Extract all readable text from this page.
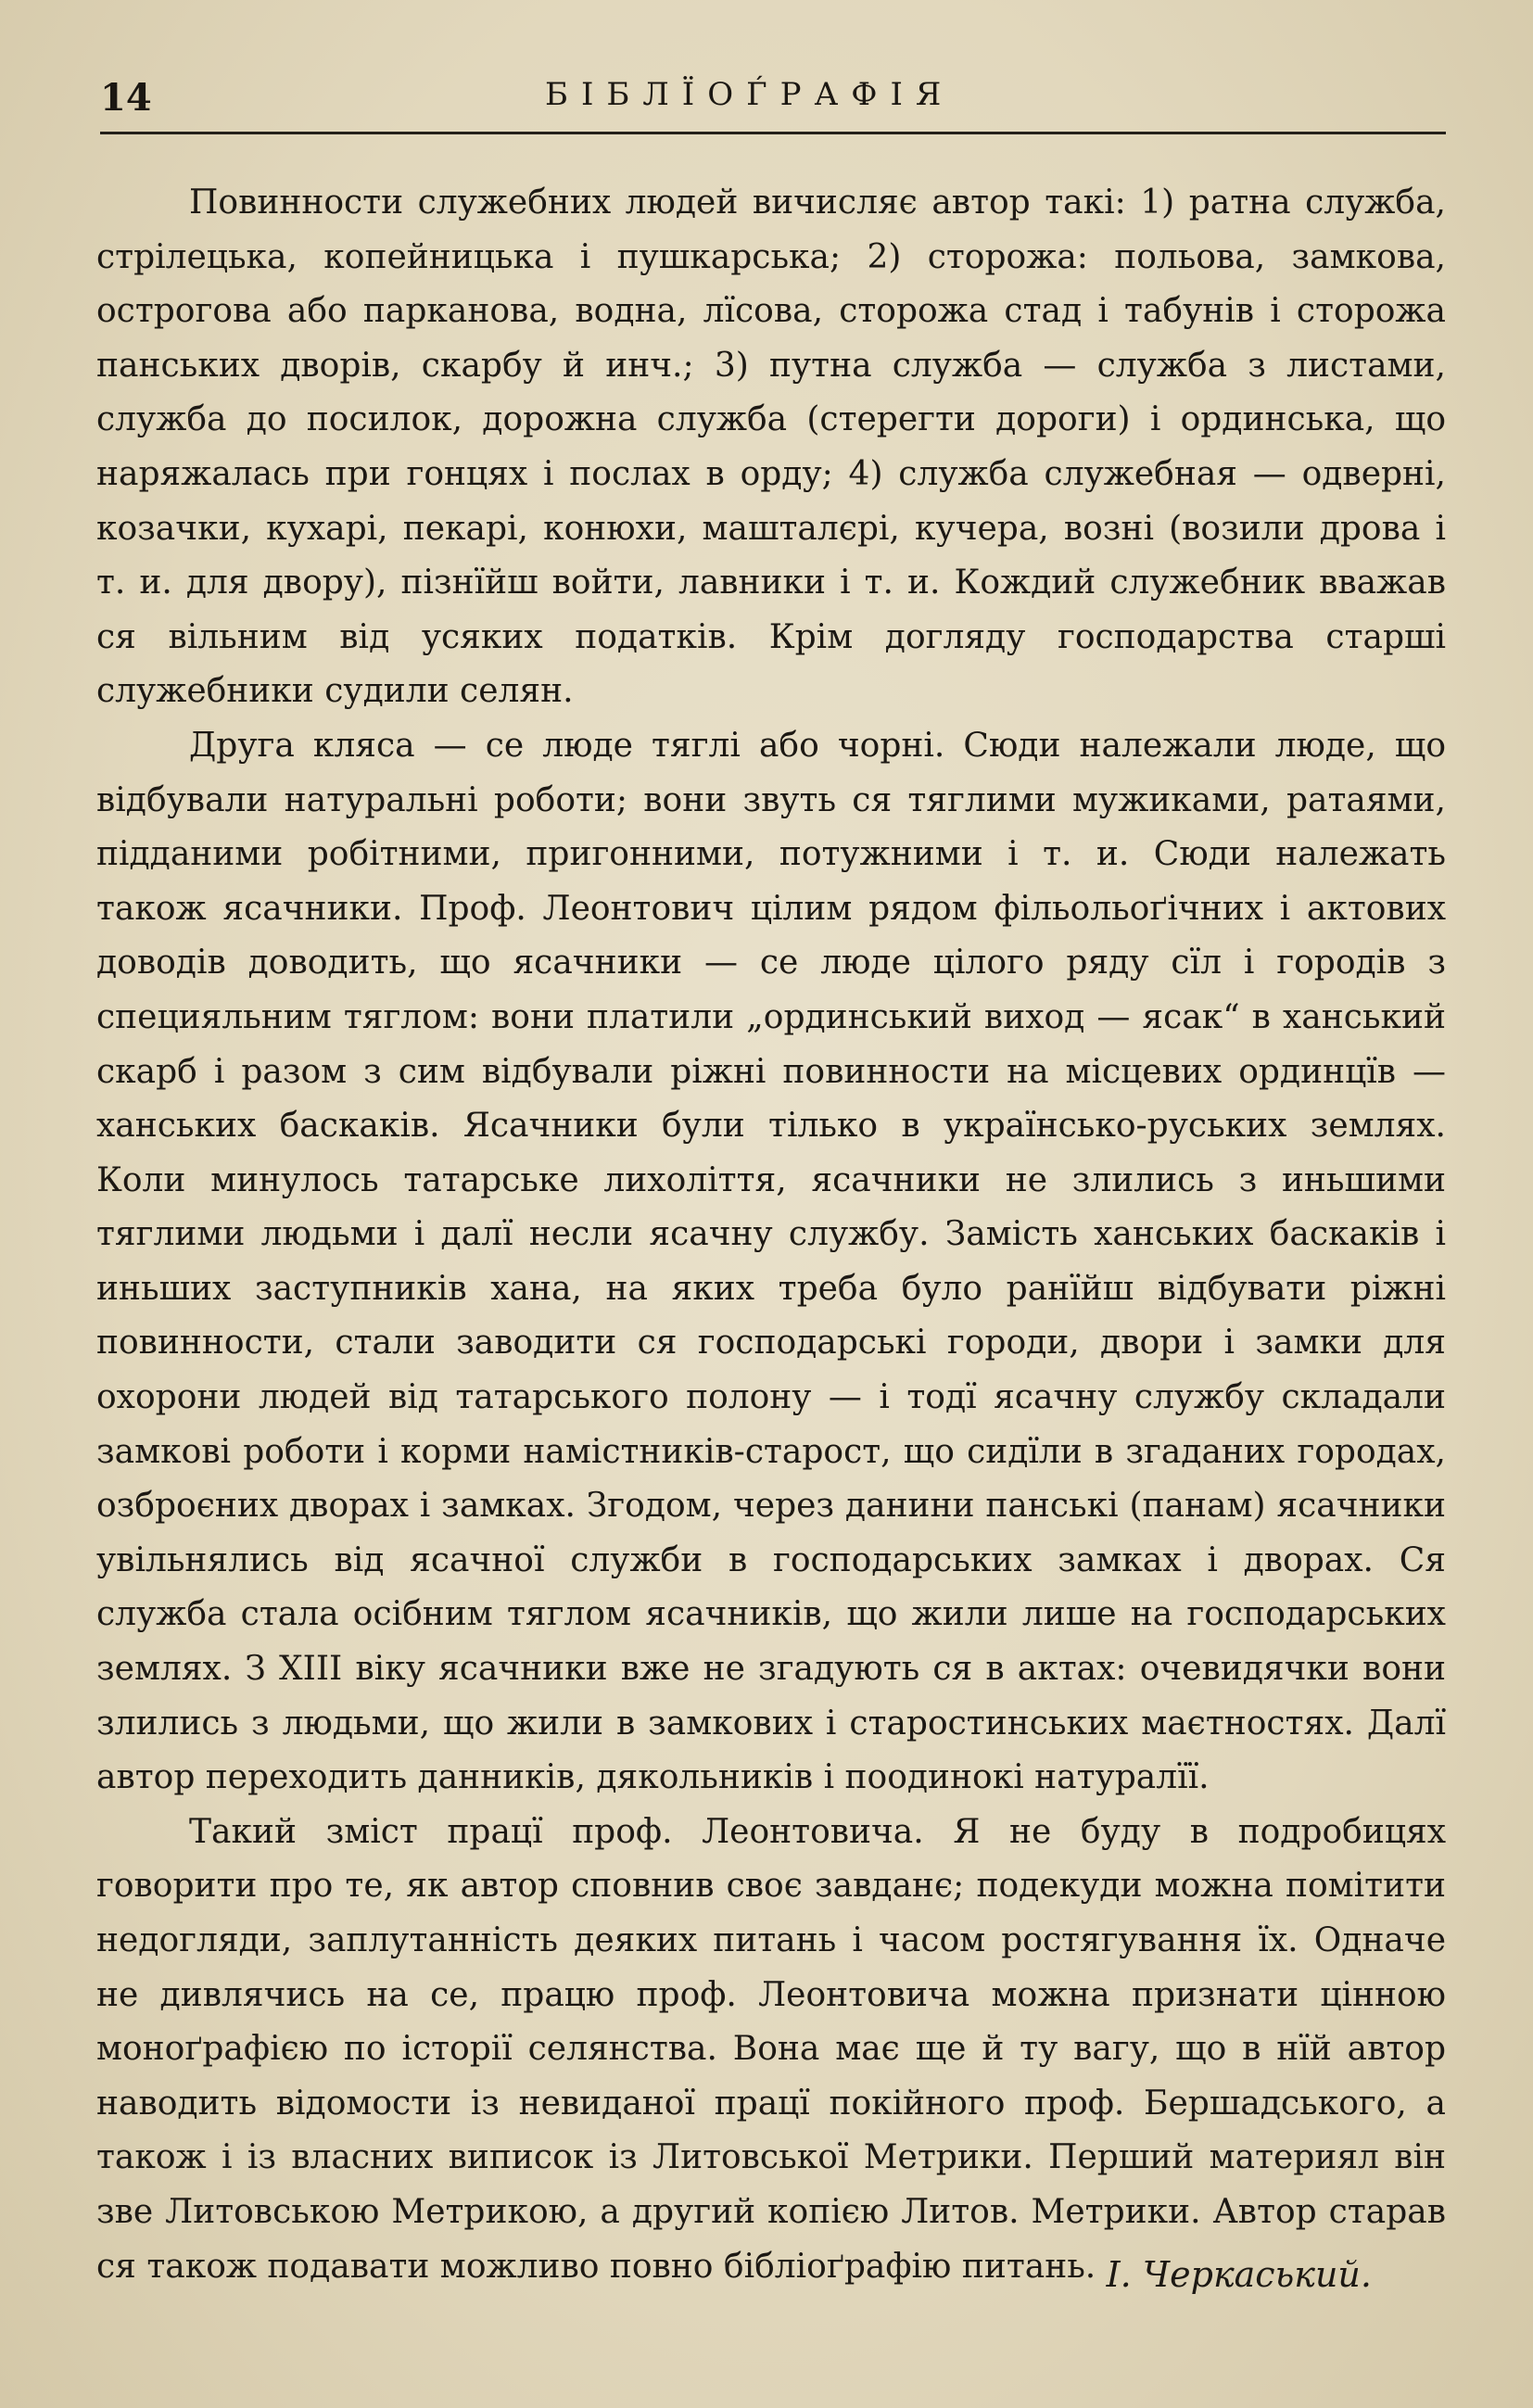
14	БІБЛЇОЃРАФІЯ

Повинности служебних людей вичисляє автор такі: 1) ратна служба, стрілецька, копейницька і пушкарська; 2) сторожа: польова, замкова, острогова або парканова, водна, лїсова, сторожа стад і табунів і сторожа панських дворів, скарбу й инч.; 3) путна служба — служба з листами, служба до посилок, дорожна служба (стерегти дороги) і ординська, що наряжалась при гонцях і послах в орду; 4) служба служебная — одверні, козачки, кухарі, пекарі, конюхи, машталєрі, кучера, возні (возили дрова і т. и. для двору), пізнїйш войти, лавники і т. и. Кождий служебник вважав ся вільним від усяких податків. Крім догляду господарства старші служебники судили селян.

Друга кляса — се люде тяглі або чорні. Сюди належали люде, що відбували натуральні роботи; вони звуть ся тяглими мужиками, ратаями, пiдданими робітними, пригонними, потужними і т. и. Сюди належать також ясачники. Проф. Леонтович цілим рядом фільольоґічних і актових доводів доводить, що ясачники — се люде цілого ряду сїл і городів з специяльним тяглом: вони платили „ординський виход — ясак“ в ханський скарб і разом з сим відбували ріжні повинности на місцевих ординцїв — ханських баскаків. Ясачники були тілько в українсько-руських землях. Коли минулось татарське лихоліття, ясачники не злились з иньшими тяглими людьми і далї несли ясачну службу. Замість ханських баскаків і иньших заступників хана, на яких треба було ранїйш відбувати ріжні повинности, стали заводити ся господарські городи, двори і замки для охорони людей від татарського полону — і тодї ясачну службу складали замкові роботи і корми намістників-старост, що сидїли в згаданих городах, озброєних дворах і замках. Згодом, через данини панські (панам) ясачники увільнялись від ясачної служби в господарських замках і дворах. Ся служба стала осібним тяглом ясачників, що жили лише на господарських землях. З XIII віку ясачники вже не згадують ся в актах: очевидячки вони злились з людьми, що жили в замкових і старостинських маєтностях. Далї автор переходить данників, дякольників і поодинокі натуралїї.

Такий зміст працї проф. Леонтовича. Я не буду в подробицях говорити про те, як автор сповнив своє завданє; подекуди можна помітити недогляди, заплутанність деяких питань і часом ростягування їх. Одначе не дивлячись на се, працю проф. Леонтовича можна признати цінною моноґрафією по історії селянства. Вона має ще й ту вагу, що в нїй автор наводить відомости із невиданої працї покійного проф. Бершадського, а також і із власних виписок із Литовської Метрики. Перший материял він зве Литовською Метрикою, а другий копією Литов. Метрики. Автор старав ся також подавати можливо повно бібліоґрафію питань. І. Черкаський.
